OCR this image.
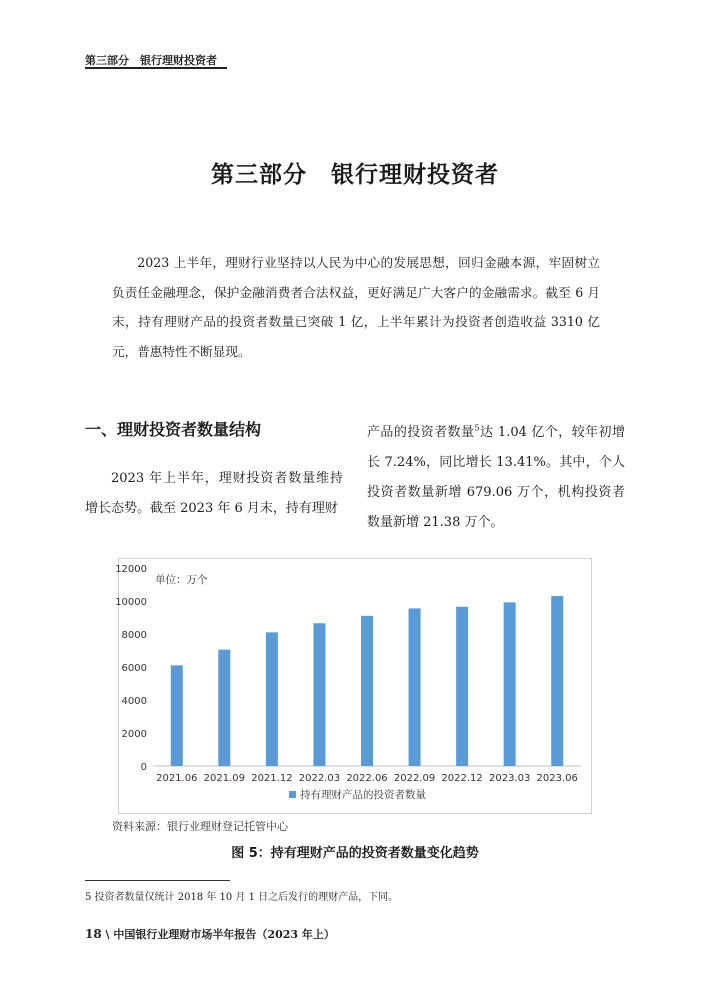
第三部分　银行理财投资者
第三部分　银行理财投资者

2023 上半年，理财行业坚持以人民为中心的发展思想，回归金融本源，牢固树立负责任金融理念，保护金融消费者合法权益，更好满足广大客户的金融需求。截至 6 月末，持有理财产品的投资者数量已突破 1 亿，上半年累计为投资者创造收益 3310 亿元，普惠特性不断显现。

一、理财投资者数量结构

2023 年上半年，理财投资者数量维持增长态势。截至 2023 年 6 月末，持有理财

产品的投资者数量$^5$达 1.04 亿个，较年初增长 7.24%，同比增长 13.41%。其中，个人投资者数量新增 679.06 万个，机构投资者数量新增 21.38 万个。

0
2000
4000
6000
8000
10000
12000
2021.06 2021.09 2021.12 2022.03 2022.06 2022.09 2022.12 2023.03 2023.06
单位：万个
持有理财产品的投资者数量
资料来源：银行业理财登记托管中心
图 5：持有理财产品的投资者数量变化趋势
5 投资者数量仅统计 2018 年 10 月 1 日之后发行的理财产品，下同。
18 \ 中国银行业理财市场半年报告（2023 年上）
